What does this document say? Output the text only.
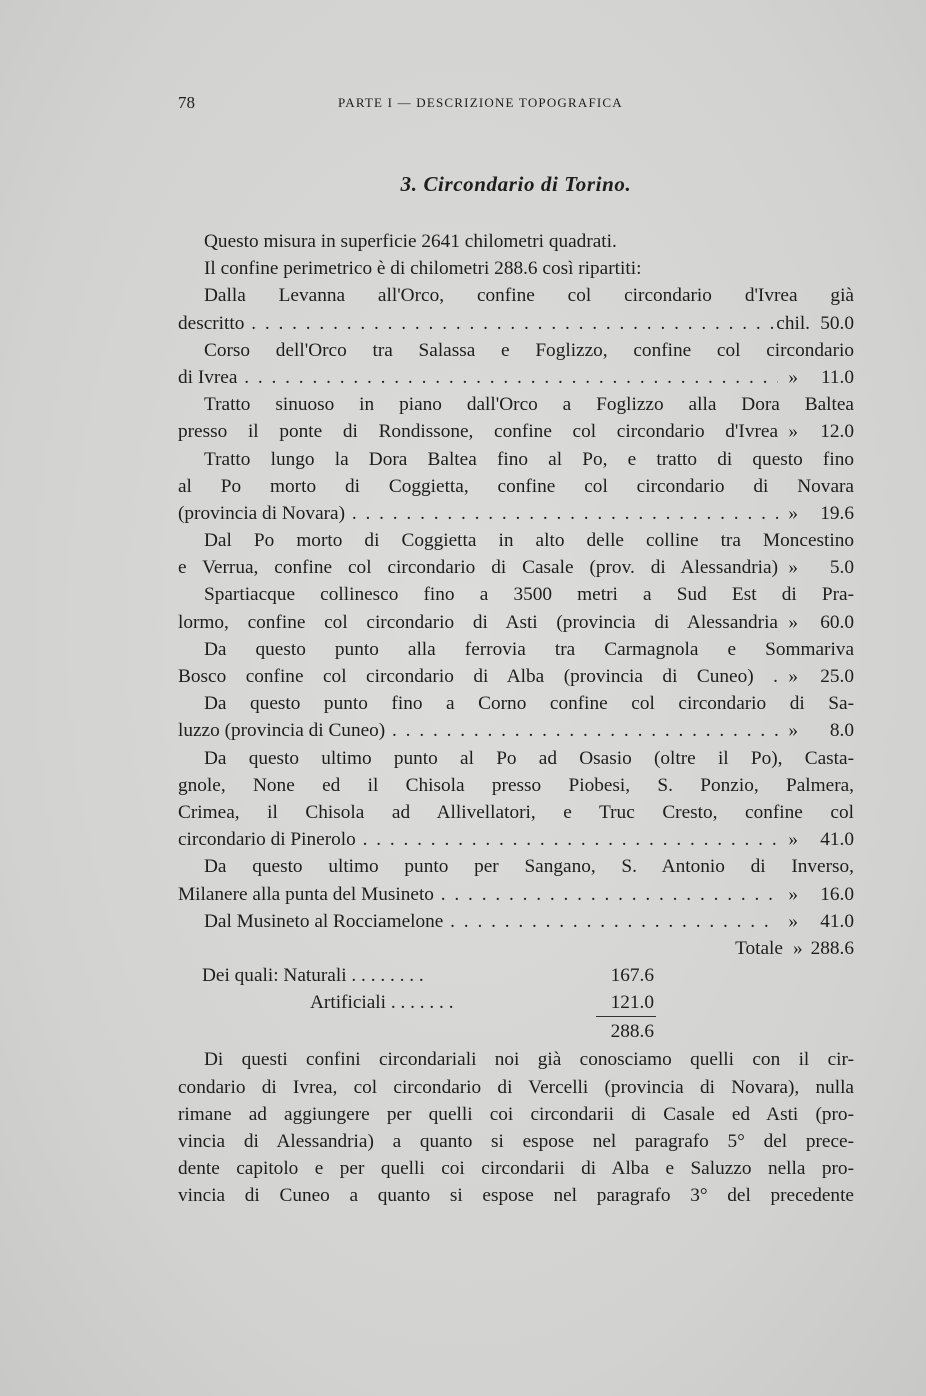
78	PARTE I — DESCRIZIONE TOPOGRAFICA
3. Circondario di Torino.
Questo misura in superficie 2641 chilometri quadrati.
Il confine perimetrico è di chilometri 288.6 così ripartiti:
Dalla Levanna all'Orco, confine col circondario d'Ivrea già
descritto . . .	chil. 50.0
Corso dell'Orco tra Salassa e Foglizzo, confine col circondario
di Ivrea . . .	» 11.0
Tratto sinuoso in piano dall'Orco a Foglizzo alla Dora Baltea
presso il ponte di Rondissone, confine col circondario d'Ivrea » 12.0
Tratto lungo la Dora Baltea fino al Po, e tratto di questo fino
al Po morto di Coggietta, confine col circondario di Novara
(provincia di Novara) . . .	» 19.6
Dal Po morto di Coggietta in alto delle colline tra Moncestino
e Verrua, confine col circondario di Casale (prov. di Alessandria) » 5.0
Spartiacque collinesco fino a 3500 metri a Sud Est di Pra-
lormo, confine col circondario di Asti (provincia di Alessandria » 60.0
Da questo punto alla ferrovia tra Carmagnola e Sommariva
Bosco confine col circondario di Alba (provincia di Cuneo) . » 25.0
Da questo punto fino a Corno confine col circondario di Sa-
luzzo (provincia di Cuneo) . . .	» 8.0
Da questo ultimo punto al Po ad Osasio (oltre il Po), Casta-
gnole, None ed il Chisola presso Piobesi, S. Ponzio, Palmera,
Crimea, il Chisola ad Allivellatori, e Truc Cresto, confine col
circondario di Pinerolo . . .	» 41.0
Da questo ultimo punto per Sangano, S. Antonio di Inverso,
Milanere alla punta del Musineto . . .	» 16.0
Dal Musineto al Rocciamelone . . .	» 41.0
Totale » 288.6
Dei quali: Naturali . . . . . . . .	167.6
Artificiali . . . . . . .	121.0
288.6
Di questi confini circondariali noi già conosciamo quelli con il cir-
condario di Ivrea, col circondario di Vercelli (provincia di Novara), nulla
rimane ad aggiungere per quelli coi circondarii di Casale ed Asti (pro-
vincia di Alessandria) a quanto si espose nel paragrafo 5° del prece-
dente capitolo e per quelli coi circondarii di Alba e Saluzzo nella pro-
vincia di Cuneo a quanto si espose nel paragrafo 3° del precedente
